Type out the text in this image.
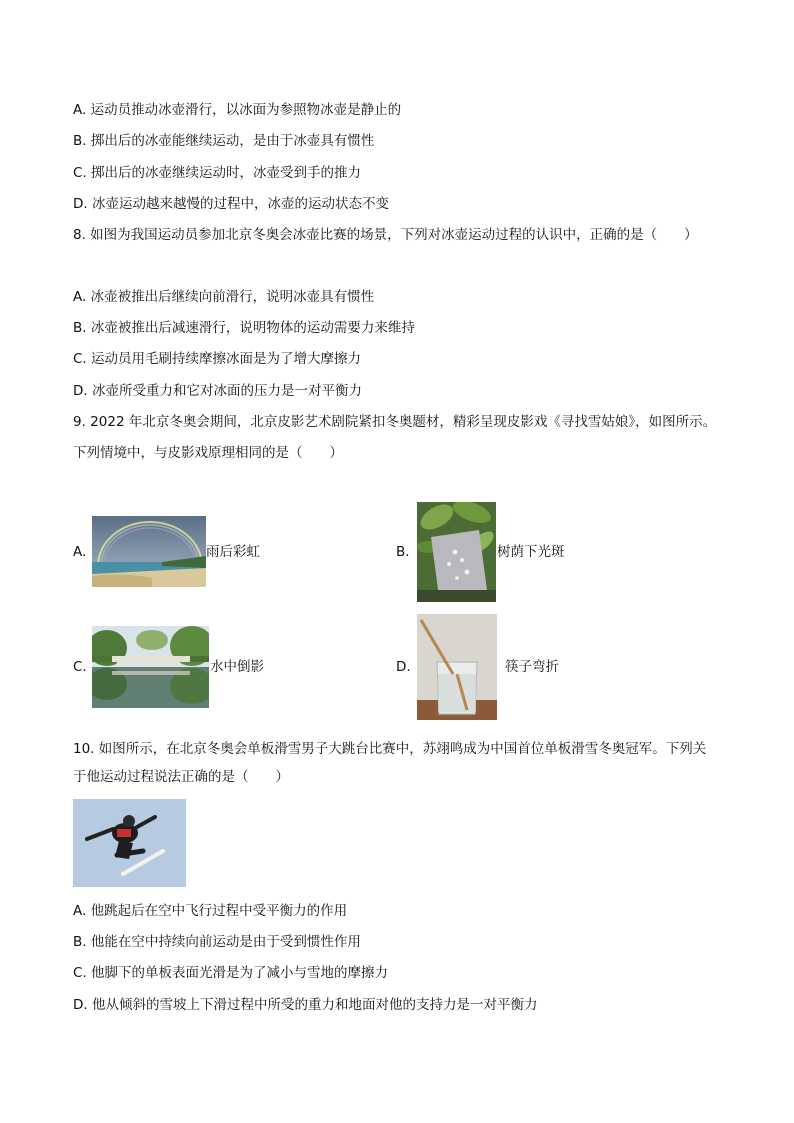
A. 运动员推动冰壶滑行，以冰面为参照物冰壶是静止的
B. 掷出后的冰壶能继续运动，是由于冰壶具有惯性
C. 掷出后的冰壶继续运动时，冰壶受到手的推力
D. 冰壶运动越来越慢的过程中，冰壶的运动状态不变
8. 如图为我国运动员参加北京冬奥会冰壶比赛的场景，下列对冰壶运动过程的认识中，正确的是（　　）
A. 冰壶被推出后继续向前滑行，说明冰壶具有惯性
B. 冰壶被推出后减速滑行，说明物体的运动需要力来维持
C. 运动员用毛刷持续摩擦冰面是为了增大摩擦力
D. 冰壶所受重力和它对冰面的压力是一对平衡力
9. 2022 年北京冬奥会期间，北京皮影艺术剧院紧扣冬奥题材，精彩呈现皮影戏《寻找雪姑娘》，如图所示。
下列情境中，与皮影戏原理相同的是（　　）
A.	雨后彩虹	B.	树荫下光斑
C.	水中倒影	D.	筷子弯折
10. 如图所示，在北京冬奥会单板滑雪男子大跳台比赛中，苏翊鸣成为中国首位单板滑雪冬奥冠军。下列关
于他运动过程说法正确的是（　　）
A. 他跳起后在空中飞行过程中受平衡力的作用
B. 他能在空中持续向前运动是由于受到惯性作用
C. 他脚下的单板表面光滑是为了减小与雪地的摩擦力
D. 他从倾斜的雪坡上下滑过程中所受的重力和地面对他的支持力是一对平衡力
